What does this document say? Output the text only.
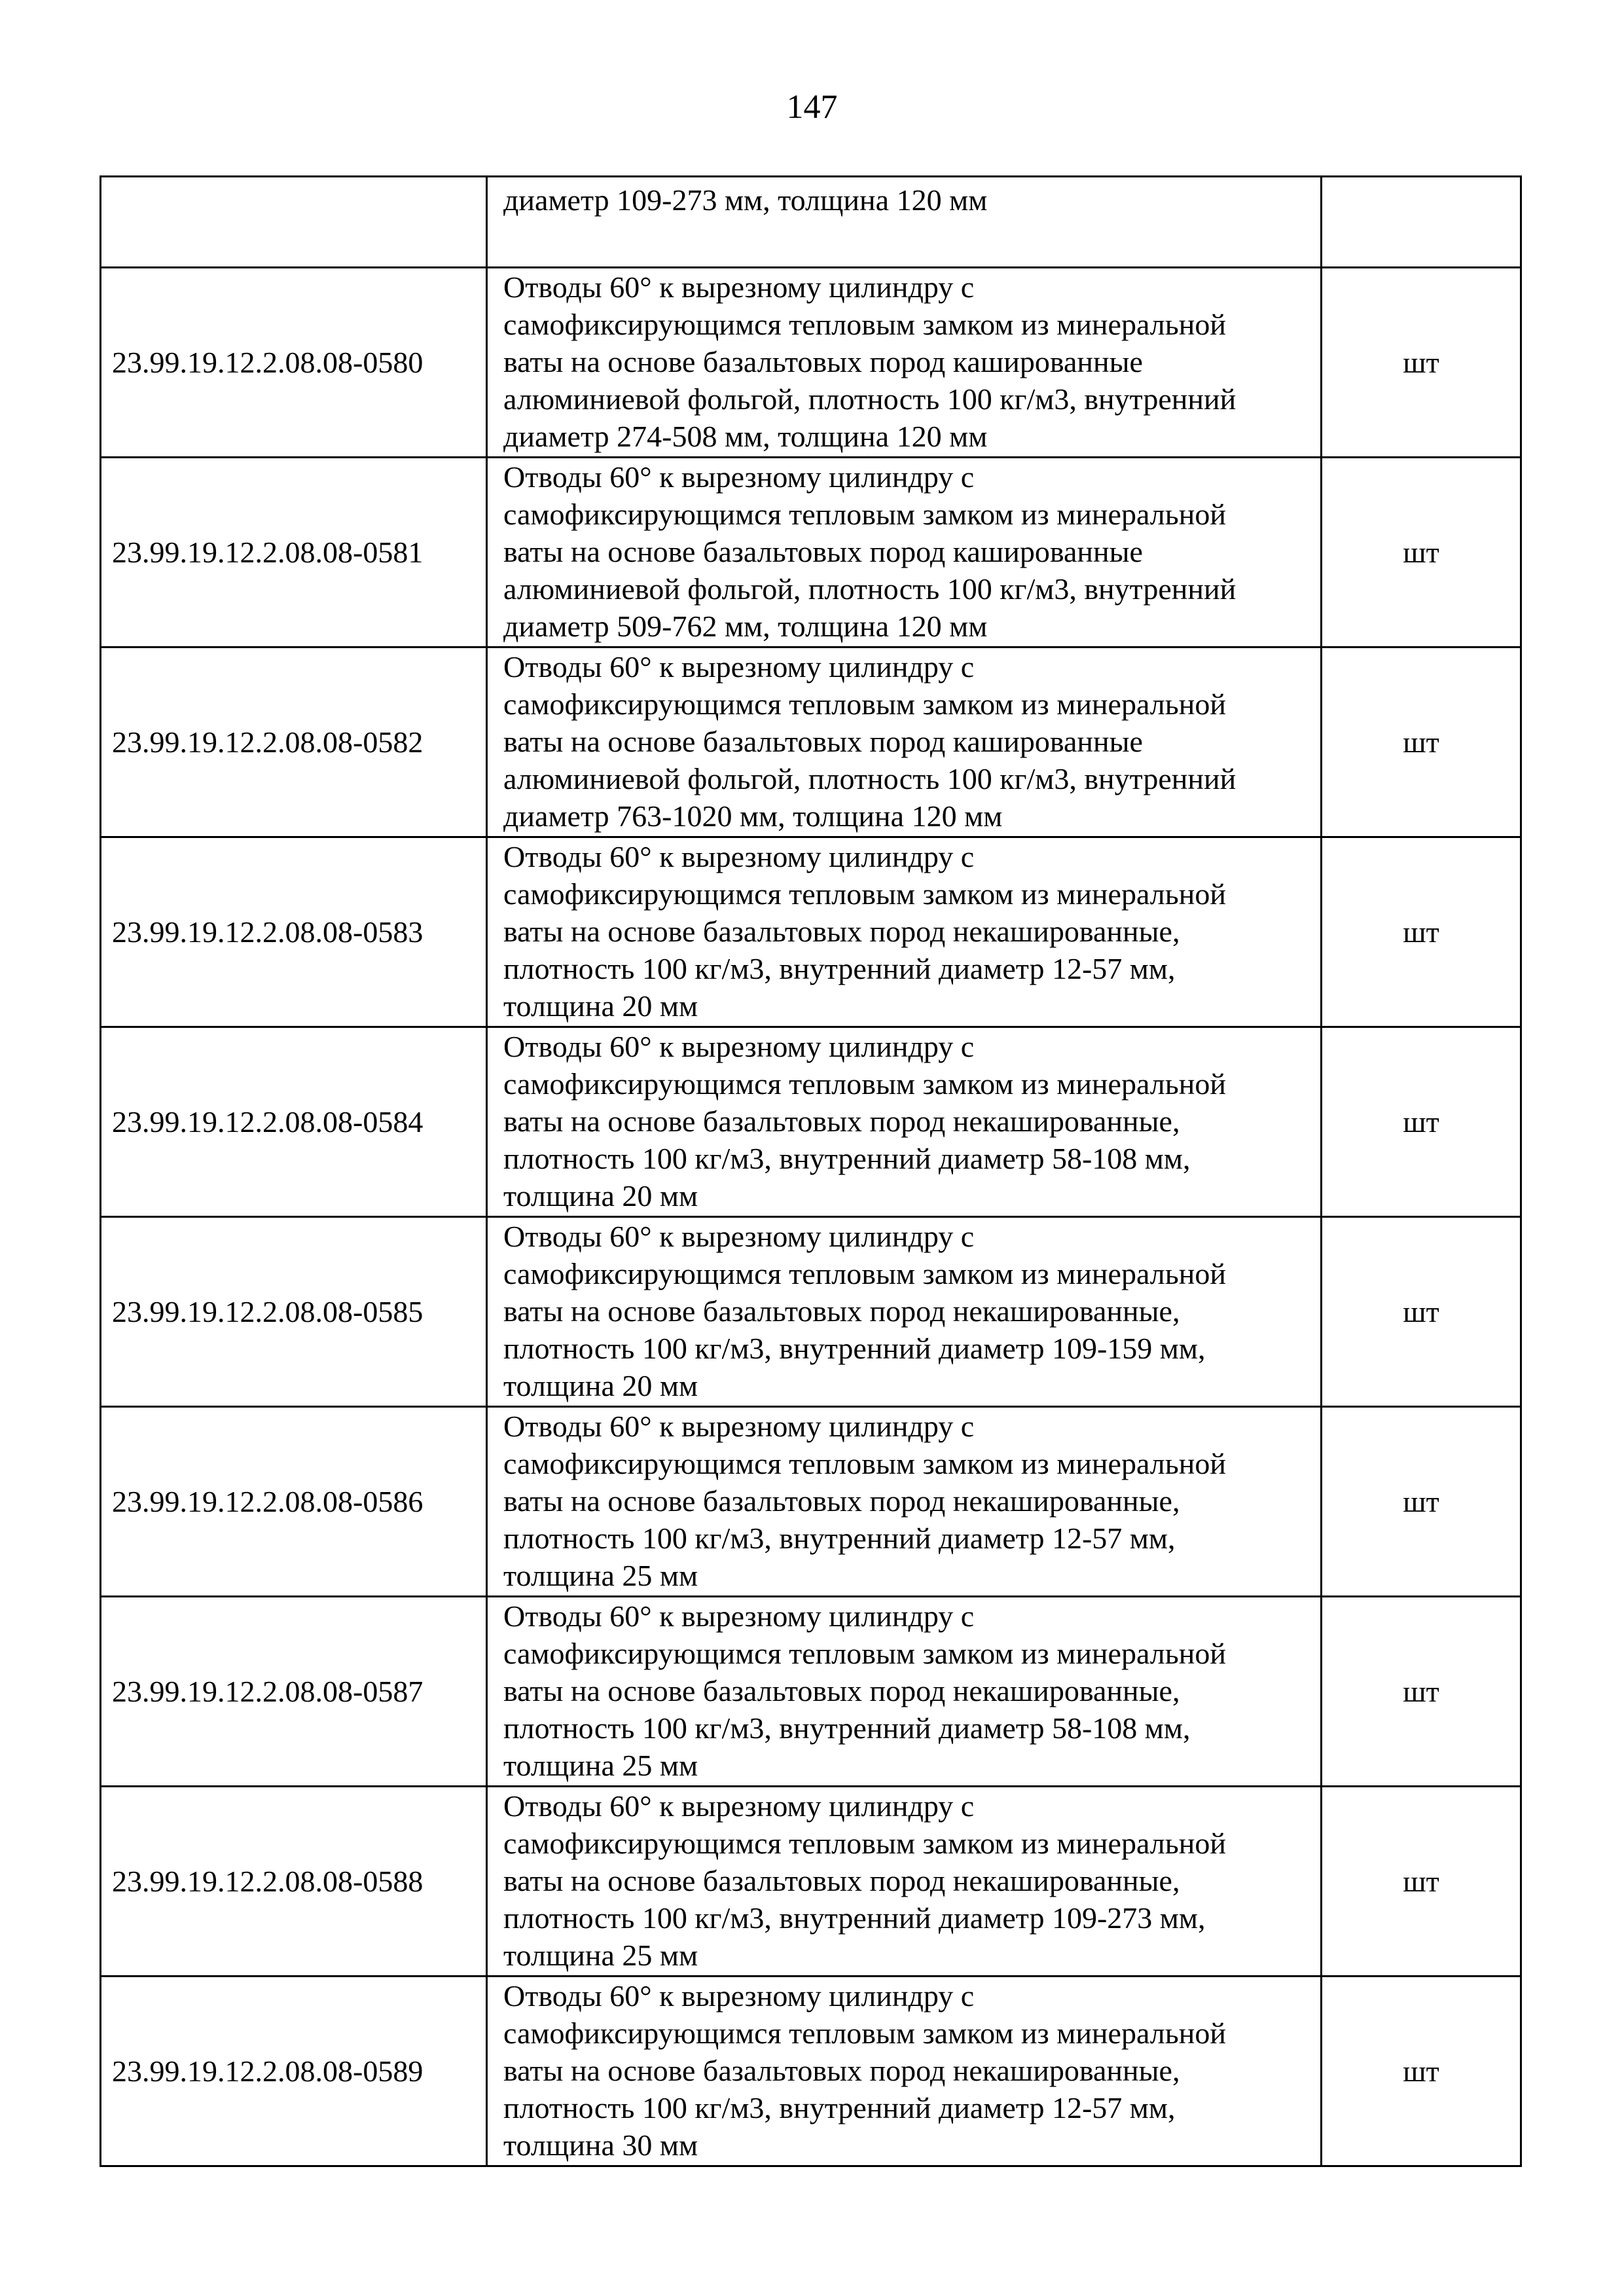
147
	диаметр 109-273 мм, толщина 120 мм	
23.99.19.12.2.08.08-0580	Отводы 60° к вырезному цилиндру с
самофиксирующимся тепловым замком из минеральной
ваты на основе базальтовых пород кашированные
алюминиевой фольгой, плотность 100 кг/м3, внутренний
диаметр 274-508 мм, толщина 120 мм	шт
23.99.19.12.2.08.08-0581	Отводы 60° к вырезному цилиндру с
самофиксирующимся тепловым замком из минеральной
ваты на основе базальтовых пород кашированные
алюминиевой фольгой, плотность 100 кг/м3, внутренний
диаметр 509-762 мм, толщина 120 мм	шт
23.99.19.12.2.08.08-0582	Отводы 60° к вырезному цилиндру с
самофиксирующимся тепловым замком из минеральной
ваты на основе базальтовых пород кашированные
алюминиевой фольгой, плотность 100 кг/м3, внутренний
диаметр 763-1020 мм, толщина 120 мм	шт
23.99.19.12.2.08.08-0583	Отводы 60° к вырезному цилиндру с
самофиксирующимся тепловым замком из минеральной
ваты на основе базальтовых пород некашированные,
плотность 100 кг/м3, внутренний диаметр 12-57 мм,
толщина 20 мм	шт
23.99.19.12.2.08.08-0584	Отводы 60° к вырезному цилиндру с
самофиксирующимся тепловым замком из минеральной
ваты на основе базальтовых пород некашированные,
плотность 100 кг/м3, внутренний диаметр 58-108 мм,
толщина 20 мм	шт
23.99.19.12.2.08.08-0585	Отводы 60° к вырезному цилиндру с
самофиксирующимся тепловым замком из минеральной
ваты на основе базальтовых пород некашированные,
плотность 100 кг/м3, внутренний диаметр 109-159 мм,
толщина 20 мм	шт
23.99.19.12.2.08.08-0586	Отводы 60° к вырезному цилиндру с
самофиксирующимся тепловым замком из минеральной
ваты на основе базальтовых пород некашированные,
плотность 100 кг/м3, внутренний диаметр 12-57 мм,
толщина 25 мм	шт
23.99.19.12.2.08.08-0587	Отводы 60° к вырезному цилиндру с
самофиксирующимся тепловым замком из минеральной
ваты на основе базальтовых пород некашированные,
плотность 100 кг/м3, внутренний диаметр 58-108 мм,
толщина 25 мм	шт
23.99.19.12.2.08.08-0588	Отводы 60° к вырезному цилиндру с
самофиксирующимся тепловым замком из минеральной
ваты на основе базальтовых пород некашированные,
плотность 100 кг/м3, внутренний диаметр 109-273 мм,
толщина 25 мм	шт
23.99.19.12.2.08.08-0589	Отводы 60° к вырезному цилиндру с
самофиксирующимся тепловым замком из минеральной
ваты на основе базальтовых пород некашированные,
плотность 100 кг/м3, внутренний диаметр 12-57 мм,
толщина 30 мм	шт
